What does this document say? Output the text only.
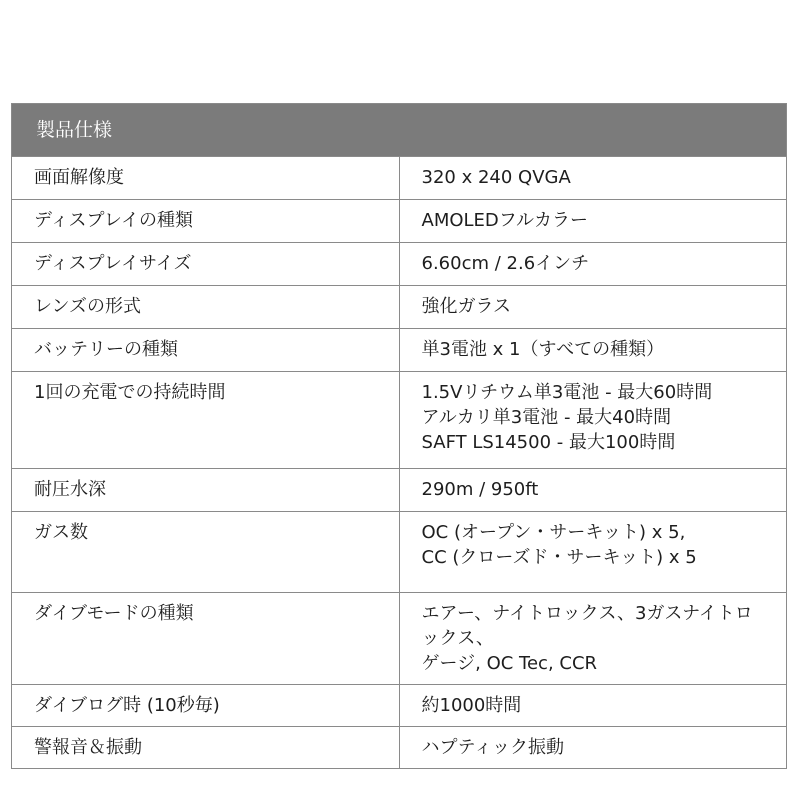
製品仕様	
画面解像度	320 x 240 QVGA

ディスプレイの種類	AMOLEDフルカラー

ディスプレイサイズ	6.60cm / 2.6インチ

レンズの形式	強化ガラス

バッテリーの種類	単3電池 x 1（すべての種類）

1回の充電での持続時間	1.5Vリチウム単3電池 - 最大60時間
アルカリ単3電池 - 最大40時間
SAFT LS14500 - 最大100時間

耐圧水深	290m / 950ft

ガス数	OC (オープン・サーキット) x 5,
CC (クローズド・サーキット) x 5

ダイブモードの種類	エアー、ナイトロックス、3ガスナイトロックス、
ゲージ, OC Tec, CCR

ダイブログ時 (10秒毎)	約1000時間

警報音＆振動	ハプティック振動
